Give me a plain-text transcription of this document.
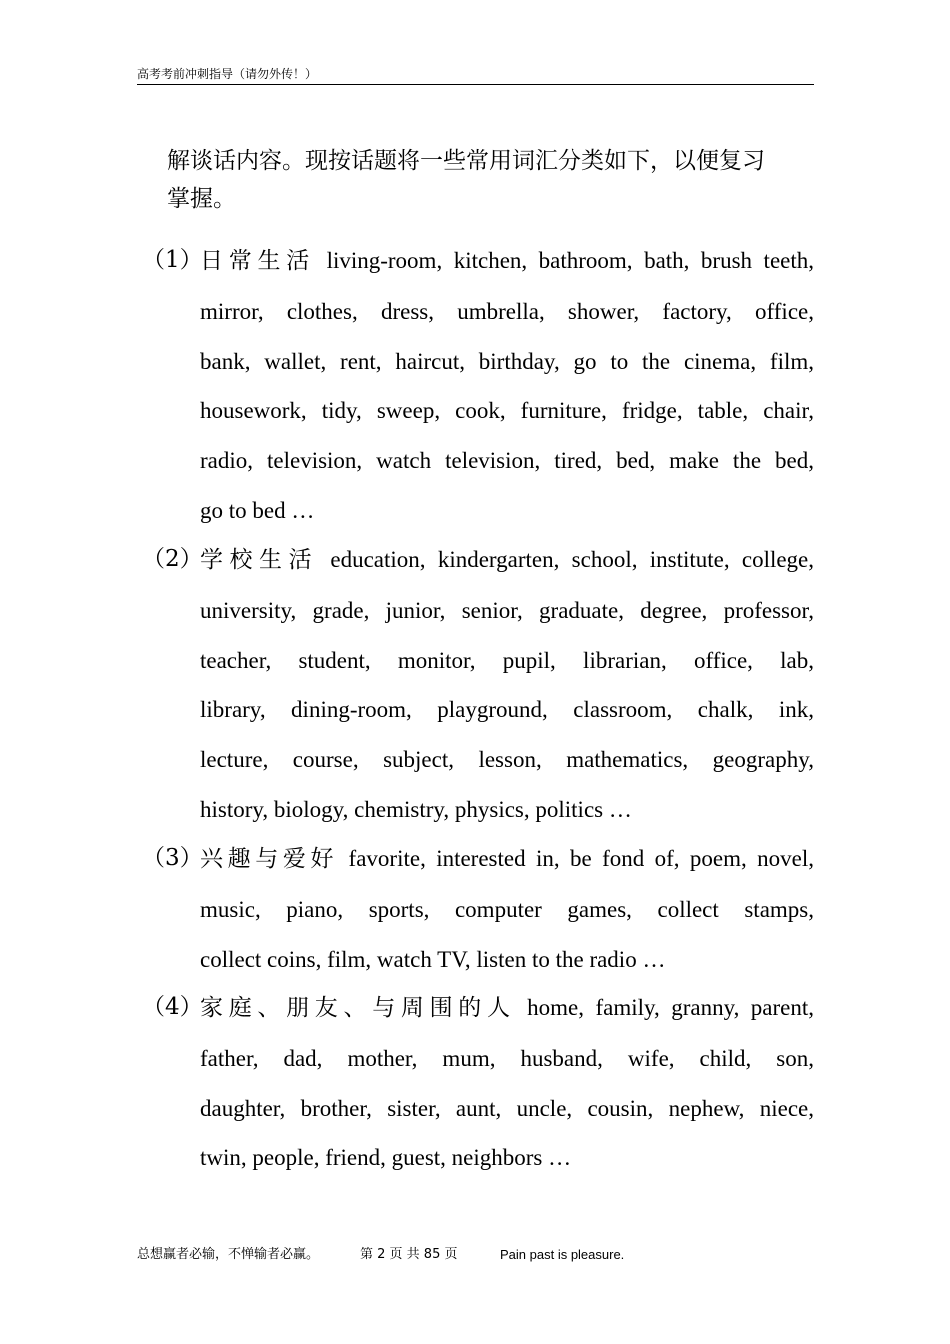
高考考前冲刺指导（请勿外传！）
解谈话内容。现按话题将一些常用词汇分类如下，以便复习
掌握。
（1）
日常生活 living-room, kitchen, bathroom, bath, brush teeth,
mirror, clothes, dress, umbrella, shower, factory, office,
bank, wallet, rent, haircut, birthday, go to the cinema, film,
housework, tidy, sweep, cook, furniture, fridge, table, chair,
radio, television, watch television, tired, bed, make the bed,
go to bed …
（2）
学校生活 education, kindergarten, school, institute, college,
university, grade, junior, senior, graduate, degree, professor,
teacher, student, monitor, pupil, librarian, office, lab,
library, dining-room, playground, classroom, chalk, ink,
lecture, course, subject, lesson, mathematics, geography,
history, biology, chemistry, physics, politics …
（3）
兴趣与爱好 favorite, interested in, be fond of, poem, novel,
music, piano, sports, computer games, collect stamps,
collect coins, film, watch TV, listen to the radio …
（4）
家庭、朋友、与周围的人 home, family, granny, parent,
father, dad, mother, mum, husband, wife, child, son,
daughter, brother, sister, aunt, uncle, cousin, nephew, niece,
twin, people, friend, guest, neighbors …
总想赢者必输，不惮输者必赢。	第 2 页 共 85 页	Pain past is pleasure.
